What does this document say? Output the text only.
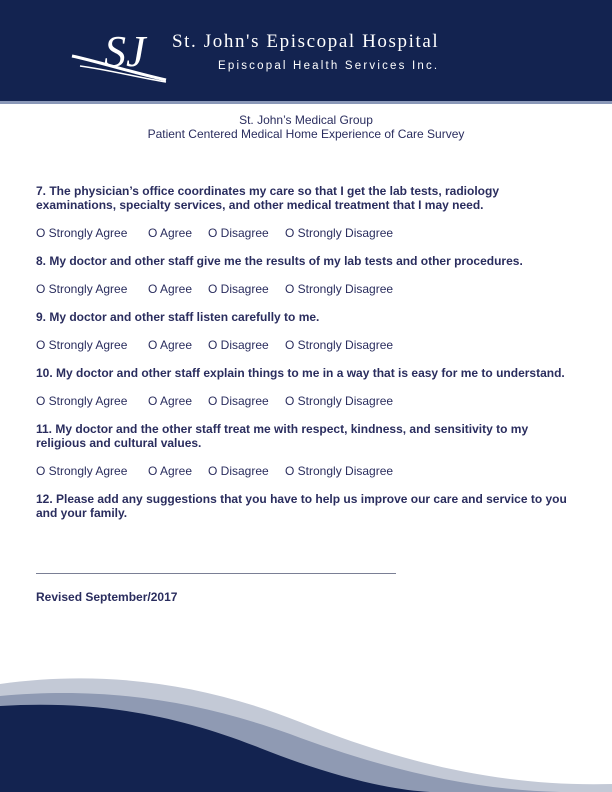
SJ St. John's Episcopal Hospital
Episcopal Health Services Inc.
St. John’s Medical Group
Patient Centered Medical Home Experience of Care Survey
7. The physician’s office coordinates my care so that I get the lab tests, radiology examinations, specialty services, and other medical treatment that I may need.
O Strongly Agree O Agree O Disagree O Strongly Disagree
8. My doctor and other staff give me the results of my lab tests and other procedures.
O Strongly Agree O Agree O Disagree O Strongly Disagree
9. My doctor and other staff listen carefully to me.
O Strongly Agree O Agree O Disagree O Strongly Disagree
10. My doctor and other staff explain things to me in a way that is easy for me to understand.
O Strongly Agree O Agree O Disagree O Strongly Disagree
11. My doctor and the other staff treat me with respect, kindness, and sensitivity to my religious and cultural values.
O Strongly Agree O Agree O Disagree O Strongly Disagree
12. Please add any suggestions that you have to help us improve our care and service to you and your family.
Revised September/2017
